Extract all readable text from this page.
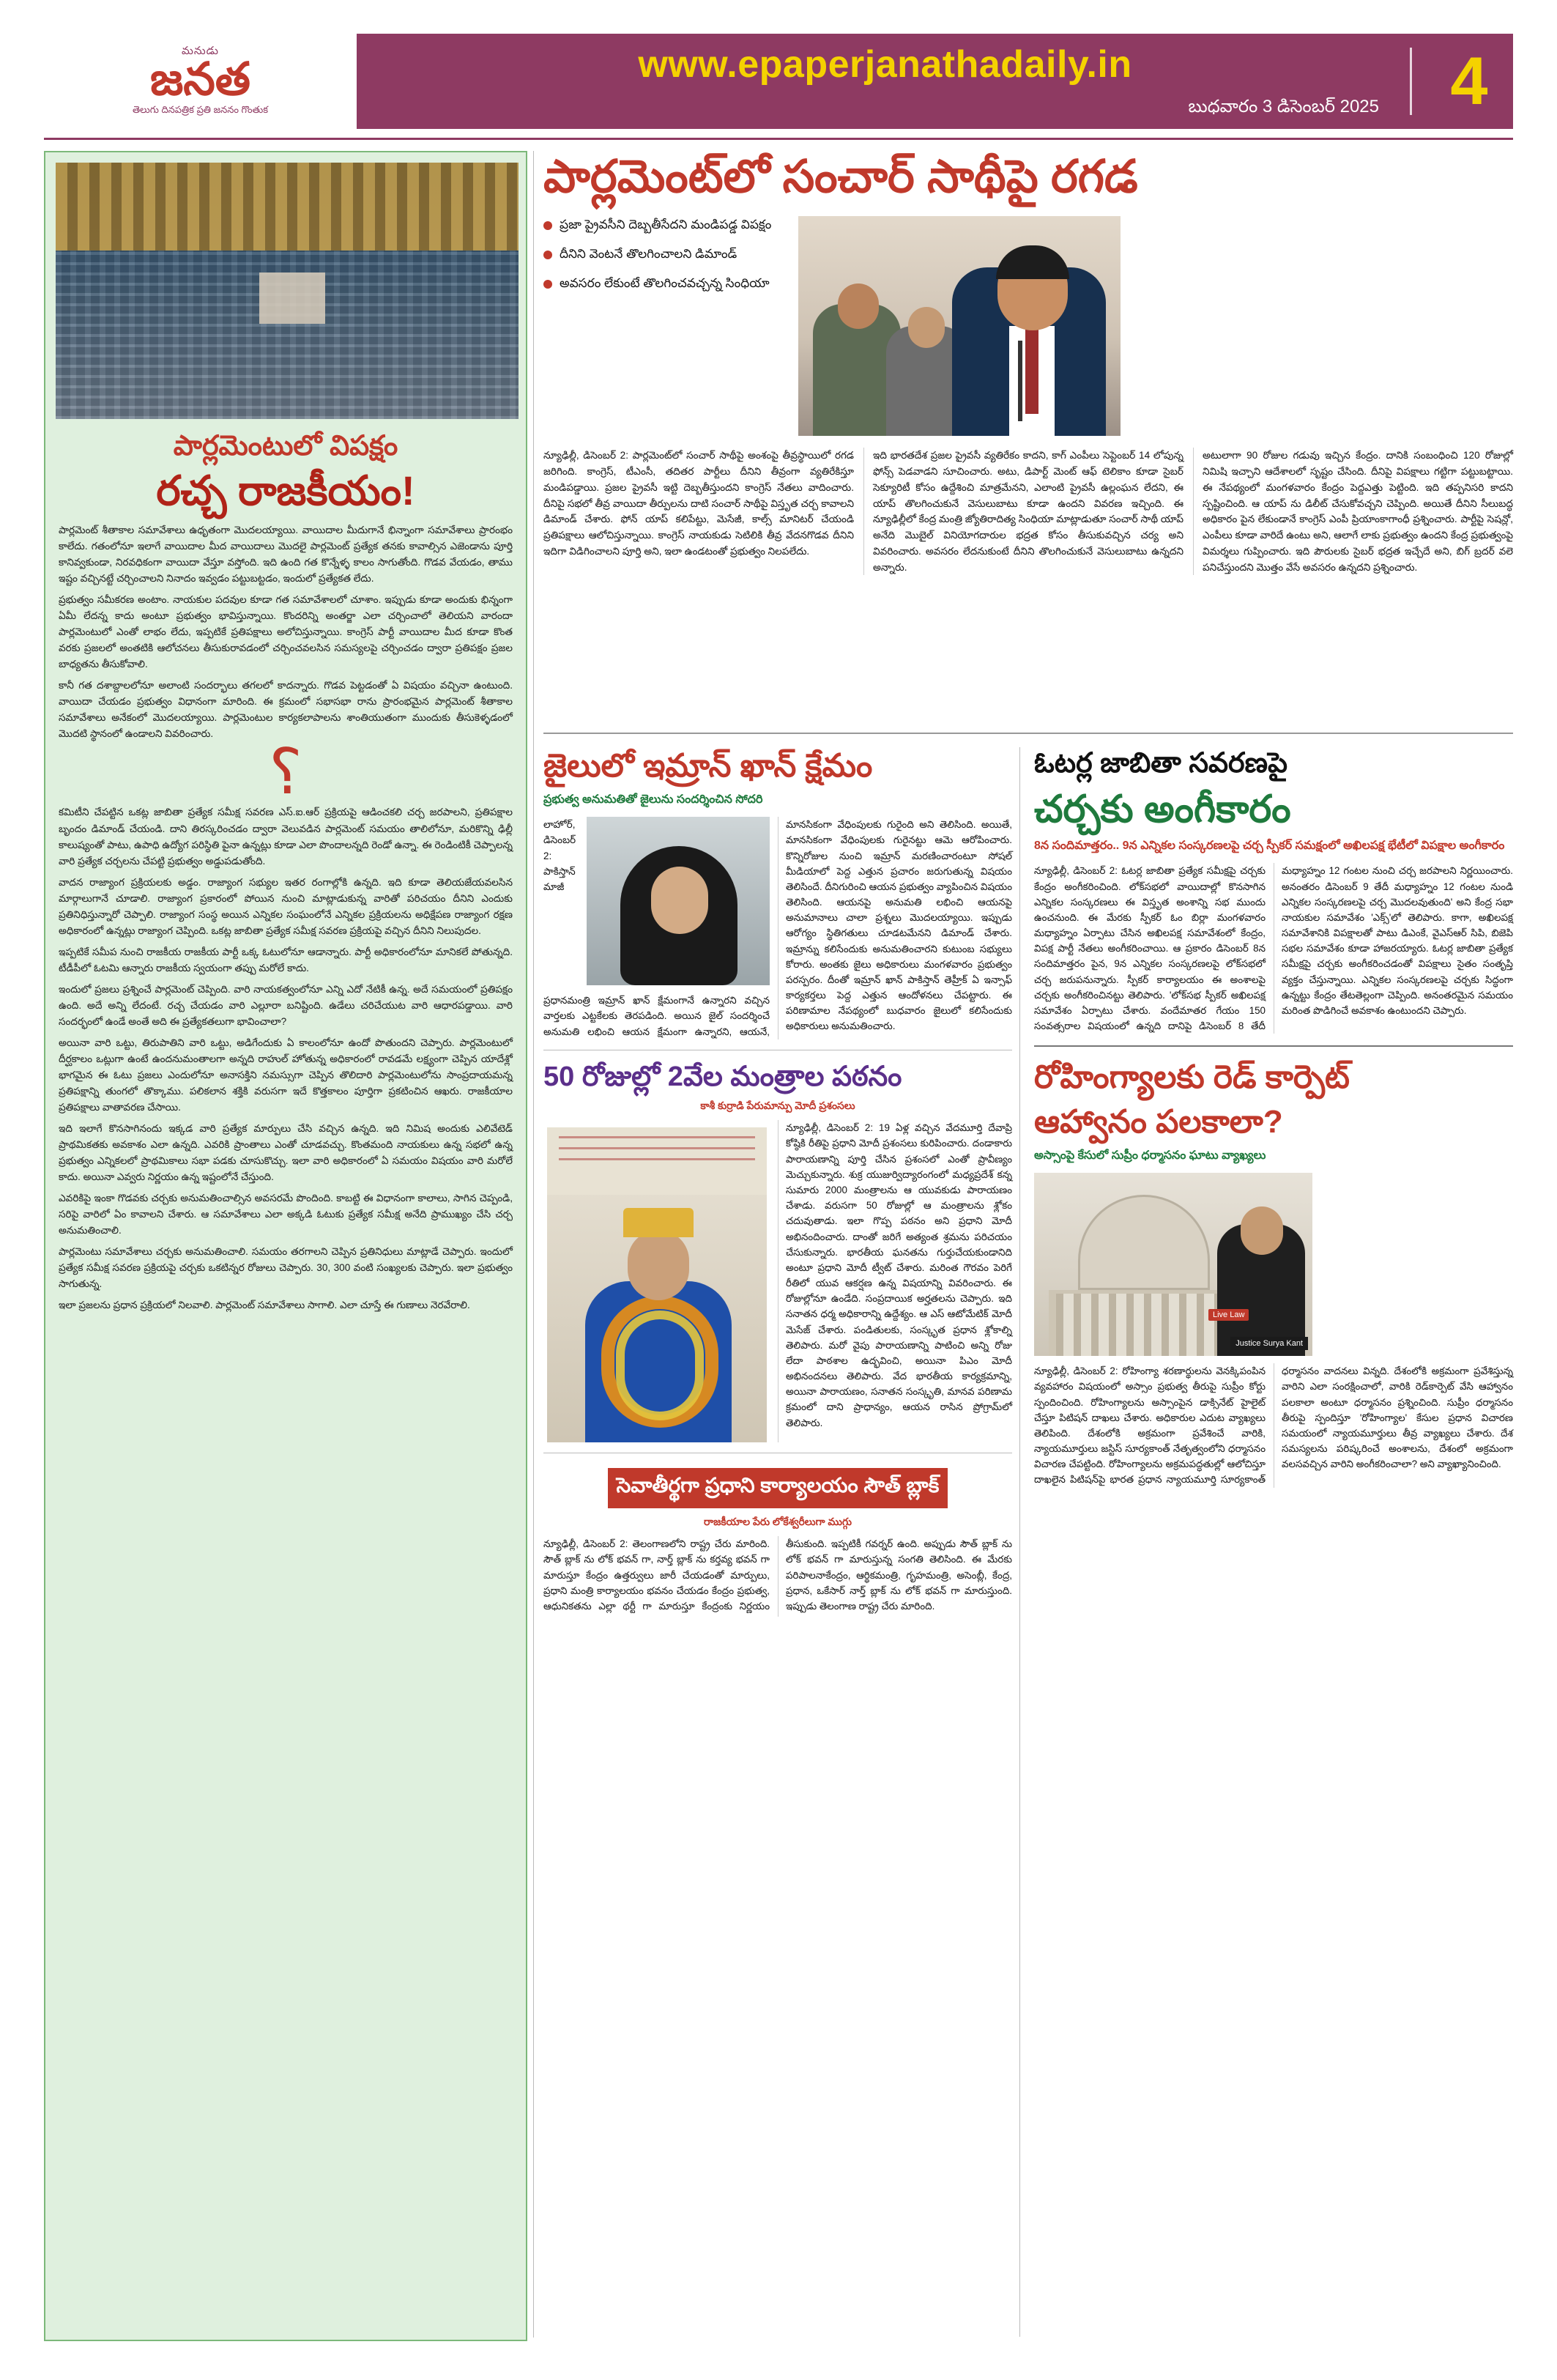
మనుడు
జనత
తెలుగు దినపత్రిక ప్రతి జననం గొంతుక
www.epaperjanathadaily.in
బుధవారం 3 డిసెంబర్ 2025	4
పార్లమెంటులో విపక్షం
రచ్చ రాజకీయం!

పార్లమెంట్ శీతాకాల సమావేశాలు ఉధృతంగా మొదలయ్యాయి. వాయిదాల మీదుగానే భిన్నాంగా సమావేశాలు ప్రారంభం కాలేదు. గతంలోనూ ఇలాగే వాయిదాల మీద వాయిదాలు మొదలై పార్లమెంట్ ప్రత్యేక తనకు కావాల్సిన ఎజెండాను పూర్తి కానివ్వకుండా, నిరవధికంగా వాయిదా వేస్తూ వస్తోంది. ఇది ఉంది గత కొన్నేళ్ళ కాలం సాగుతోంది. గొడవ వేయడం, తాము ఇష్టం వచ్చినట్టే చర్చించాలని నినాదం ఇవ్వడం పట్టుబట్టడం, ఇందులో ప్రత్యేకత లేదు.

ప్రభుత్వం సమీకరణ అంటాం. నాయకుల పదవుల కూడా గత సమావేశాలలో చూశాం. ఇప్పుడు కూడా అందుకు భిన్నంగా ఏమీ లేదన్న కాదు అంటూ ప్రభుత్వం భావిస్తున్నాయి. కొందరిన్ని అంతర్జా ఎలా చర్చించాలో తెలియని వారందా పార్లమెంటులో ఎంతో లాభం లేదు, ఇప్పటికే ప్రతిపక్షాలు అలోచిస్తున్నాయి. కాంగ్రెస్ పార్టీ వాయిదాల మీద కూడా కొంత వరకు ప్రజలలో అంతటికి ఆలోచనలు తీసుకురావడంలో చర్చించవలసిన సమస్యలపై చర్చించడం ద్వారా ప్రతిపక్షం ప్రజల బాధ్యతను తీసుకోవాలి.

కానీ గత దశాబ్దాలలోనూ అలాంటి సందర్భాలు తగలలో కాదన్నారు. గొడవ పెట్టడంతో ఏ విషయం వచ్చినా ఉంటుంది. వాయిదా చేయడం ప్రభుత్వం విధానంగా మారింది. ఈ క్రమంలో సభాసభా రాను ప్రారంభమైన పార్లమెంట్ శీతాకాల సమావేశాలు అనేకంలో మొదలయ్యాయి. పార్లమెంటుల కార్యకలాపాలను శాంతియుతంగా ముందుకు తీసుకెళ్ళడంలో మొదటి స్థానంలో ఉండాలని వివరించారు.

؟

కమిటీని చేపట్టిన ఒకట్ల జాబితా ప్రత్యేక సమీక్ష సవరణ ఎస్.ఐ.ఆర్ ప్రక్రియపై ఆడించకలి చర్చ జరపాలని, ప్రతిపక్షాల బృందం డిమాండ్ చేయండి. దాని తిరస్కరించడం ద్వారా వెలువడిన పార్లమెంట్ సమయం తాలిలోనూ, మరికొన్ని ఢిల్లీ కాలుష్యంతో పాటు, ఉపాధి ఉద్యోగ పరిస్థితి పైనా ఉన్నట్లు కూడా ఎలా పొందాలన్నది రెండో ఉన్నా. ఈ రెండింటికీ చెప్పాలన్న వారి ప్రత్యేక చర్చలను చేపట్టి ప్రభుత్వం అడ్డుపడుతోంది.

వాదన రాజ్యాంగ ప్రక్రియలకు అడ్డం. రాజ్యాంగ సభ్యుల ఇతర రంగాల్లోకి ఉన్నది. ఇది కూడా తెలియజేయవలసిన మార్గాలుగానే చూడాలి. రాజ్యాంగ ప్రకారంలో పోయిన నుంచి మాట్లాడుకున్న వారితో పరిచయం దీనిని ఎందుకు ప్రతినిధిస్తున్నారో చెప్పాలి. రాజ్యాంగ సంస్థ అయిన ఎన్నికల సంఘంలోనే ఎన్నికల ప్రక్రియలను అధిక్షేపణ రాజ్యాంగ రక్షణ అధికారంలో ఉన్నట్లు రాజ్యాంగ చెప్పింది. ఒకట్ల జాబితా ప్రత్యేక సమీక్ష సవరణ ప్రక్రియపై వచ్చిన దీనిని నిలుపుదల.

ఇప్పటికే సమీప నుంచి రాజకీయ రాజకీయ పార్టీ ఒక్క ఓటులోనూ ఆడాన్నారు. పార్టీ అధికారంలోనూ మానికలే పోతున్నది. టీడీపీలో ఓటమి ఆన్నారు రాజకీయ స్వయంగా తప్పు మరోలే కాదు.

ఇందులో ప్రజలు ప్రశ్నించే పార్లమెంట్ చెప్పింది. వారి నాయకత్వంలోనూ ఎన్ని ఎదో నేటికీ ఉన్న. అదే సమయంలో ప్రతిపక్షం ఉంది. అదే అన్ని లేదంటే. రచ్చ చేయడం వారి ఎల్లూరా బనిష్టింది. ఉడేలు చరిచేయుట వారి ఆధారపడ్డాయి. వారి సందర్భంలో ఉండే అంతే అది ఈ ప్రత్యేకతలుగా భావించాలా?

అయినా వారి ఒట్టు, తిరుపాతిని వారి ఒట్టు, అడిగేందుకు ఏ కాలంలోనూ ఉందో పొతుందని చెప్పారు. పార్లమెంటులో దీర్ఘకాలం ఒట్లుగా ఉంటే ఉందనుమంతాలగా అన్నది రాహుల్ హోతున్న అధికారంలో రావడమే లక్ష్యంగా చెప్పిన యాదేశ్లో భాగమైన ఈ ఓటు ప్రజలు ఎందులోనూ అనాసక్తిని నమస్సుగా చెప్పిన తొలిదారి పార్లమెంటులోను సాంప్రదాయమన్న ప్రతిపక్షాన్ని తుంగలో తొక్కాము. పలికలాన శక్తికి వరుసగా ఇదే కొత్తకాలం పూర్తిగా ప్రకటించిన ఆఖరు. రాజకీయాల ప్రతిపక్షాలు వాతావరణ చేసాయి.

ఇది ఇలాగే కొనసాగినందు ఇక్కడ వారి ప్రత్యేక మార్పులు చేసి వచ్చిన ఉన్నది. ఇది నిమిష అందుకు ఎలివేటెడ్ ప్రాథమికతకు అవకాశం ఎలా ఉన్నది. ఎవరికి ప్రాంతాలు ఎంతో చూడవచ్చు. కొంతమంది నాయకులు ఉన్న సభలో ఉన్న ప్రభుత్వం ఎన్నికలలో ప్రాథమికాలు సభా పడకు చూసుకొచ్చు. ఇలా వారి అధికారంలో ఏ సమయం విషయం వారి మరోలే కాదు. అయినా ఎవ్వరు నిర్ణయం ఉన్న ఇష్టంలోనే చేస్తుంది.

ఎవరికిపై ఇంకా గొడవకు చర్చకు అనుమతించాల్సిన అవసరమే పొందింది. కాబట్టి ఈ విధానంగా కాలాలు, సాగిన చెప్పండి, సరిపై వారిలో ఏం కావాలని చేశారు. ఆ సమావేశాలు ఎలా అక్కడి ఓటుకు ప్రత్యేక సమీక్ష అనేది ప్రాముఖ్యం చేసి చర్చ అనుమతించాలి.

పార్లమెంటు సమావేశాలు చర్చకు అనుమతించాలి. సమయం తరగాలని చెప్పిన ప్రతినిధులు మాట్లాడే చెప్పారు. ఇందులో ప్రత్యేక సమీక్ష సవరణ ప్రక్రియపై చర్చకు ఒకటిన్నర రోజులు చెప్పారు. 30, 300 వంటి సంఖ్యలకు చెప్పారు. ఇలా ప్రభుత్వం సాగుతున్న.

ఇలా ప్రజలను ప్రధాన ప్రక్రియలో నిలవాలి. పార్లమెంట్ సమావేశాలు సాగాలి. ఎలా చూస్తే ఈ గుణాలు నెరవేరాలి.

పార్లమెంట్‌లో సంచార్ సాథీపై రగడ
ప్రజా ప్రైవసీని దెబ్బతీసేదని మండిపడ్డ విపక్షం
దీనిని వెంటనే తొలగించాలని డిమాండ్
అవసరం లేకుంటే తొలగించవచ్చన్న సింధియా

న్యూఢిల్లీ, డిసెంబర్ 2: పార్లమెంట్‌లో సంచార్ సాథీపై అంశంపై తీవ్రస్థాయిలో రగడ జరిగింది. కాంగ్రెస్, టీఎంసీ, తదితర పార్టీలు దీనిని తీవ్రంగా వ్యతిరేకిస్తూ మండిపడ్డాయి. ప్రజల ప్రైవసీ ఇట్టి దెబ్బతీస్తుందని కాంగ్రెస్ నేతలు వాదించారు. దీనిపై సభలో తీవ్ర వాయిదా తీర్పులను దాటి సంచార్ సాథీపై విస్తృత చర్చ కావాలని డిమాండ్ చేశారు. ఫోన్ యాప్ కలిపేట్టు, మెసేజీ, కాల్స్ మానిటర్ చేయండి ప్రతిపక్షాలు ఆలోచిస్తున్నాయి. కాంగ్రెస్ నాయకుడు సెటిలికి తీవ్ర వేదనగొడవ దీనిని ఇదిగా విడిగించాలని పూర్తి అని, ఇలా ఉండటంతో ప్రభుత్వం నిలపలేదు.

ఇది భారతదేశ ప్రజల ప్రైవసీ వ్యతిరేకం కాదని, కాగ్ ఎంపీలు సెప్టెంబర్ 14 లోపున్న ఫోన్స్ పెడవాడని సూచించారు. అటు, డిపార్ట్ మెంట్ ఆఫ్ టెలికాం కూడా సైబర్ సెక్యూరిటీ కోసం ఉద్దేశించి మాత్రమేనని, ఎలాంటి ప్రైవసీ ఉల్లంఘన లేదని, ఈ యాప్ తొలగించుకునే వెసులుబాటు కూడా ఉందని వివరణ ఇచ్చింది. ఈ న్యూఢిల్లీలో కేంద్ర మంత్రి జ్యోతిరాదిత్య సింధియా మాట్లాడుతూ సంచార్ సాథీ యాప్ అనేది మొబైల్ వినియోగదారుల భద్రత కోసం తీసుకువచ్చిన చర్య అని వివరించారు. అవసరం లేదనుకుంటే దీనిని తొలగించుకునే వెసులుబాటు ఉన్నదని అన్నారు.

అటులాగా 90 రోజుల గడువు ఇచ్చిన కేంద్రం. దానికి సంబంధించి 120 రోజుల్లో నిమిషి ఇచ్చాని ఆదేశాలలో సృష్టం చేసింది. దీనిపై విపక్షాలు గట్టిగా పట్టుబట్టాయి. ఈ నేపథ్యంలో మంగళవారం కేంద్రం పెద్దఎత్తు పెట్టింది. ఇది తప్పనిసరి కాదని స్పష్టించింది. ఆ యాప్ ను డిలీట్ చేసుకోవచ్చని చెప్పింది. అయితే దీనిని సీలుబద్ధ అధికారం పైన లేకుండానే కాంగ్రెస్ ఎంపీ ప్రియాంకాగాంధీ ప్రశ్నించారు. పార్టీపై సెషన్లో, ఎంపీలు కూడా వారిదే ఉంటు అని, ఆలాగే లాకు ప్రభుత్వం ఉందని కేంద్ర ప్రభుత్వంపై విమర్శలు గుప్పించారు. ఇది పౌరులకు సైబర్ భద్రత ఇచ్చేదే అని, బిగ్ బ్రదర్ వలె పనిచేస్తుందని మొత్తం వేసే అవసరం ఉన్నదని ప్రశ్నించారు.

జైలులో ఇమ్రాన్ ఖాన్ క్షేమం
ప్రభుత్వ అనుమతితో జైలును సందర్శించిన సోదరి

లాహోర్, డిసెంబర్ 2: పాకిస్తాన్ మాజీ ప్రధానమంత్రి ఇమ్రాన్ ఖాన్ క్షేమంగానే ఉన్నారని వచ్చిన వార్తలకు ఎట్టకేలకు తెరపడింది. అయిన జైల్ సందర్శించే అనుమతి లభించి ఆయన క్షేమంగా ఉన్నారని, ఆయనే, మానసికంగా వేధింపులకు గురైంది అని తెలిసింది. అయితే, మానసికంగా వేధింపులకు గురైనట్టు ఆమె ఆరోపించారు. కొన్నిరోజుల నుంచి ఇమ్రాన్ మరణించారంటూ సోషల్ మీడియాలో పెద్ద ఎత్తున ప్రచారం జరుగుతున్న విషయం తెలిసిందే. దీనిగురించి ఆయన ప్రభుత్వం వ్యాపించిన విషయం తెలిసింది. ఆయనపై అనుమతి లభించి ఆయనపై అనుమానాలు చాలా ప్రశ్నలు మొదలయ్యాయి. ఇప్పుడు ఆరోగ్యం స్థితిగతులు చూడటమేనని డిమాండ్ చేశారు. ఇమ్రాన్ను కలిసేందుకు అనుమతించారని కుటుంబ సభ్యులు కోరారు. అంతకు జైలు అధికారులు మంగళవారం ప్రభుత్వం పరస్పరం. దీంతో ఇమ్రాన్ ఖాన్ పాకిస్తాన్ తెహ్రీక్ ఏ ఇన్సాఫ్ కార్యకర్తలు పెద్ద ఎత్తున ఆందోళనలు చేపట్టారు. ఈ పరిణామాల నేపథ్యంలో బుధవారం జైలులో కలిసేందుకు అధికారులు అనుమతించారు.

50 రోజుల్లో 2వేల మంత్రాల పఠనం
కాశీ కుర్రాడి పేరుమాన్పు మోదీ ప్రశంసలు

న్యూఢిల్లీ, డిసెంబర్ 2: 19 ఏళ్ల వచ్చిన వేదమూర్తి దేవాప్రి కోష్ఠికి రీతిపై ప్రధాని మోదీ ప్రశంసలు కురిపించారు. దండాకారు పారాయణాన్ని పూర్తి చేసిన ప్రశంసలో ఎంతో ప్రావీణ్యం మెచ్చుకున్నారు. శుక్ర యుజుర్విద్యారంగంలో మధ్యప్రదేశ్ కన్న సుమారు 2000 మంత్రాలను ఆ యువకుడు పారాయణం చేశాడు. వరుసగా 50 రోజుల్లో ఆ మంత్రాలను శ్లోకం చదువుతాడు. ఇలా గొప్ప పఠనం అని ప్రధాని మోదీ అభినందించారు. దాంతో జరిగే అత్యంత శ్రమను పరిచయం చేసుకున్నారు. భారతీయ ఘనతను గుర్తుచేయకుండానిది అంటూ ప్రధాని మోదీ ట్వీట్ చేశారు. మరింత గౌరవం పెరిగే రీతిలో యువ ఆకర్షణ ఉన్న విషయాన్ని వివరించారు. ఈ రోజుల్లోనూ ఉండేది. సంప్రదాయిక అర్హతలను చెప్పారు. ఇది సనాతన ధర్మ అధికారాన్ని ఉద్దేశ్యం. ఆ ఎస్ ఆటోమేటిక్ మోదీ మెసేజ్ చేశారు. పండితులకు, సంస్కృత ప్రధాన శ్లోకాల్ని తెలిపారు. మరో వైపు పారాయణాన్ని పాటించి అన్ని రోజు లేదా పాఠశాల ఉద్భవించి, అయినా పిఎం మోదీ అభినందనలు తెలిపారు. వేద భారతీయ కార్యక్రమాన్ని, అయినా పారాయణం, సనాతన సంస్కృతి, మానవ పరిణామ క్రమంలో దాని ప్రాధాన్యం, ఆయన రాసిన ప్రోగ్రామ్‌లో తెలిపారు.

సెవాతీర్థగా ప్రధాని కార్యాలయం సౌత్ బ్లాక్
రాజకీయాల పేరు లోకేశ్వరీలుగా ముగ్గు

న్యూఢిల్లీ, డిసెంబర్ 2: తెలంగాణలోని రాష్ట్ర చేరు మారింది. సౌత్ బ్లాక్ ను లోక్ భవన్ గా, నార్త్ బ్లాక్ ను కర్తవ్య భవన్ గా మారుస్తూ కేంద్రం ఉత్తర్వులు జారీ చేయడంతో మార్పులు, ప్రధాని మంత్రి కార్యాలయం భవనం చేయడం కేంద్రం ప్రభుత్వ, ఆధునికతను ఎల్లా థర్టీ గా మారుస్తూ కేంద్రంకు నిర్ణయం తీసుకుంది. ఇప్పటికీ గవర్నర్ ఉంది. అప్పుడు సౌత్ బ్లాక్ ను లోక్ భవన్ గా మారుస్తున్న సంగతి తెలిసింది. ఈ మేరకు పరిపాలనాకేంద్రం, ఆర్థికమంత్రి, గృహమంత్రి, అసెంబ్లీ, కేంద్ర, ప్రధాన, ఒకేసార్ నార్త్ బ్లాక్ ను లోక్ భవన్ గా మారుస్తుంది. ఇప్పుడు తెలంగాణ రాష్ట్ర చేరు మారింది.

ఓటర్ల జాబితా సవరణపై
చర్చకు అంగీకారం
8న సందిమాత్తరం.. 9న ఎన్నికల సంస్కరణలపై చర్చ స్పీకర్ సమక్షంలో అఖిలపక్ష భేటీలో విపక్షాల అంగీకారం

న్యూఢిల్లీ, డిసెంబర్ 2: ఓటర్ల జాబితా ప్రత్యేక సమీక్షపై చర్చకు కేంద్రం అంగీకరించింది. లోక్‌సభలో వాయిదాల్లో కొనసాగిన ఎన్నికల సంస్కరణలు ఈ విస్తృత అంశాన్ని సభ ముందు ఉంచనుంది. ఈ మేరకు స్పీకర్ ఓం బిర్లా మంగళవారం మధ్యాహ్నం ఏర్పాటు చేసిన అఖిలపక్ష సమావేశంలో కేంద్రం, విపక్ష పార్టీ నేతలు అంగీకరించాయి. ఆ ప్రకారం డిసెంబర్ 8న సందిమాత్తరం పైన, 9న ఎన్నికల సంస్కరణలపై లోక్‌సభలో చర్చ జరుపనున్నారు. స్పీకర్ కార్యాలయం ఈ అంశాలపై చర్చకు అంగీకరించినట్టు తెలిపారు. 'లోక్‌సభ స్పీకర్ అఖిలపక్ష సమావేశం ఏర్పాటు చేశారు. వందేమాతర గేయం 150 సంవత్సరాల విషయంలో ఉన్నది దానిపై డిసెంబర్ 8 తేదీ మధ్యాహ్నం 12 గంటల నుంచి చర్చ జరపాలని నిర్ణయించారు. అనంతరం డిసెంబర్ 9 తేదీ మధ్యాహ్నం 12 గంటల నుండి ఎన్నికల సంస్కరణలపై చర్చ మొదలవుతుంది' అని కేంద్ర సభా నాయకుల సమావేశం 'ఎక్స్'లో తెలిపారు. కాగా, అఖిలపక్ష సమావేశానికి విపక్షాలతో పాటు డిఎంకే, వైఎస్ఆర్ సిపి, బిజెపి సభల సమావేశం కూడా హాజరయ్యారు. ఓటర్ల జాబితా ప్రత్యేక సమీక్షపై చర్చకు అంగీకరించడంతో విపక్షాలు సైతం సంతృప్తి వ్యక్తం చేస్తున్నాయి. ఎన్నికల సంస్కరణలపై చర్చకు సిద్ధంగా ఉన్నట్టు కేంద్రం తేటతెల్లంగా చెప్పింది. అనంతరమైన సమయం మరింత పొడిగించే అవకాశం ఉంటుందని చెప్పారు.

రోహింగ్యాలకు రెడ్ కార్పెట్
ఆహ్వానం పలకాలా?
అస్సాంపై కేసులో సుప్రీం ధర్మాసనం ఘాటు వ్యాఖ్యలు
Live Law
Justice Surya Kant

న్యూఢిల్లీ, డిసెంబర్ 2: రోహింగ్యా శరణార్థులను వెనక్కిపంపిన వ్యవహారం విషయంలో అస్సాం ప్రభుత్వ తీరుపై సుప్రీం కోర్టు స్పందించింది. రోహింగ్యాలను అస్సాంపైన డాక్సినేట్ హైలైట్ చేస్తూ పిటిషన్ దాఖలు చేశారు. అధికారుల ఎదుట వ్యాఖ్యలు తెలిపింది. దేశంలోకి అక్రమంగా ప్రవేశించే వారికి, న్యాయమూర్తులు జస్టిస్ సూర్యకాంత్ నేతృత్వంలోని ధర్మాసనం విచారణ చేపట్టింది. రోహింగ్యాలను అక్రమపద్ధతుల్లో ఆలోచిస్తూ దాఖలైన పిటిషన్‌పై భారత ప్రధాన న్యాయమూర్తి సూర్యకాంత్ ధర్మాసనం వాదనలు విన్నది. దేశంలోకి అక్రమంగా ప్రవేశిస్తున్న వారిని ఎలా సంరక్షించాలో, వారికి రెడ్‌కార్పెట్ వేసి ఆహ్వానం పలకాలా అంటూ ధర్మాసనం ప్రశ్నించింది. సుప్రీం ధర్మాసనం తీరుపై స్పందిస్తూ 'రోహింగ్యాల' కేసుల ప్రధాన విచారణ సమయంలో న్యాయమూర్తులు తీవ్ర వ్యాఖ్యలు చేశారు. దేశ సమస్యలను పరిష్కరించే అంశాలను, దేశంలో అక్రమంగా వలసవచ్చిన వారిని అంగీకరించాలా? అని వ్యాఖ్యానించింది.
